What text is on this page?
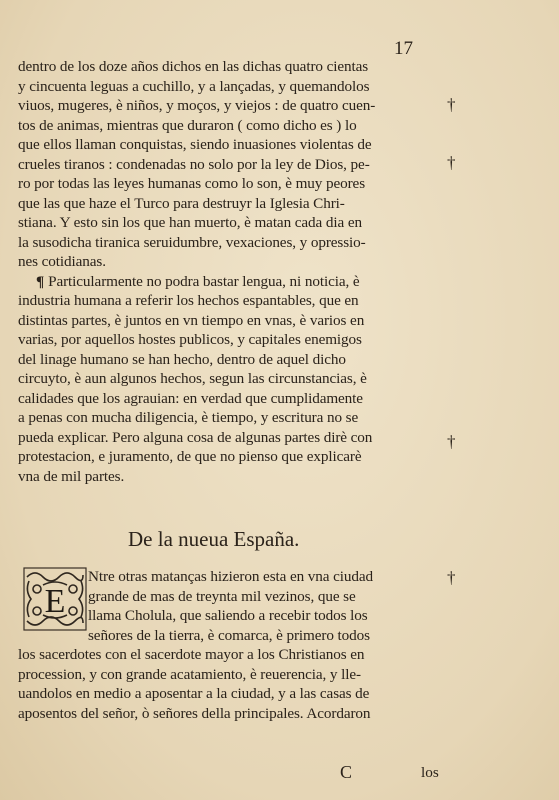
17
dentro de los doze años dichos en las dichas quatro cientas
y cincuenta leguas a cuchillo, y a lançadas, y quemandolos
viuos, mugeres, è niños, y moços, y viejos : de quatro cuen-
tos de animas, mientras que duraron ( como dicho es ) lo
que ellos llaman conquistas, siendo inuasiones violentas de
crueles tiranos : condenadas no solo por la ley de Dios, pe-
ro por todas las leyes humanas como lo son, è muy peores
que las que haze el Turco para destruyr la Iglesia Chri-
stiana. Y esto sin los que han muerto, è matan cada dia en
la susodicha tiranica seruidumbre, vexaciones, y opressio-
nes cotidianas.
¶ Particularmente no podra bastar lengua, ni noticia, è
industria humana a referir los hechos espantables, que en
distintas partes, è juntos en vn tiempo en vnas, è varios en
varias, por aquellos hostes publicos, y capitales enemigos
del linage humano se han hecho, dentro de aquel dicho
circuyto, è aun algunos hechos, segun las circunstancias, è
calidades que los agrauian: en verdad que cumplidamente
a penas con mucha diligencia, è tiempo, y escritura no se
pueda explicar. Pero alguna cosa de algunas partes dirè con
protestacion, e juramento, de que no pienso que explicarè
vna de mil partes.
†
†
†
†
De la nueua España.
E
Ntre otras matanças hizieron esta en vna ciudad
grande de mas de treynta mil vezinos, que se
llama Cholula, que saliendo a recebir todos los
señores de la tierra, è comarca, è primero todos
los sacerdotes con el sacerdote mayor a los Christianos en
procession, y con grande acatamiento, è reuerencia, y lle-
uandolos en medio a aposentar a la ciudad, y a las casas de
aposentos del señor, ò señores della principales. Acordaron
C	los
